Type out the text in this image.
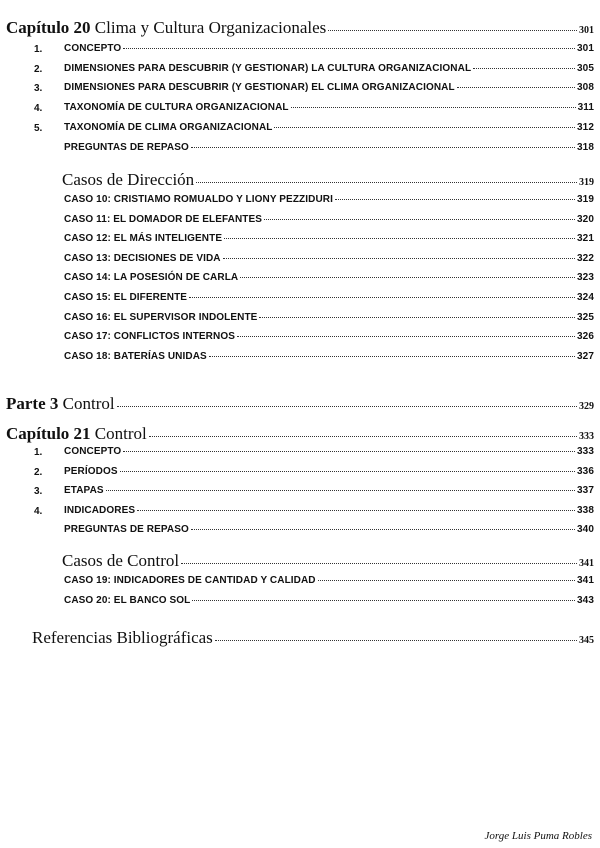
Capítulo 20 Clima y Cultura Organizacionales	301
1. CONCEPTO	301
2. DIMENSIONES PARA DESCUBRIR (Y GESTIONAR) LA CULTURA ORGANIZACIONAL	305
3. DIMENSIONES PARA DESCUBRIR (Y GESTIONAR) EL CLIMA ORGANIZACIONAL	308
4. TAXONOMÍA DE CULTURA ORGANIZACIONAL	311
5. TAXONOMÍA DE CLIMA ORGANIZACIONAL	312
PREGUNTAS DE REPASO	318
Casos de Dirección	319
CASO 10: CRISTIAMO ROMUALDO Y LIONY PEZZIDURI	319
CASO 11: EL DOMADOR DE ELEFANTES	320
CASO 12: EL MÁS INTELIGENTE	321
CASO 13: DECISIONES DE VIDA	322
CASO 14: LA POSESIÓN DE CARLA	323
CASO 15: EL DIFERENTE	324
CASO 16: EL SUPERVISOR INDOLENTE	325
CASO 17: CONFLICTOS INTERNOS	326
CASO 18: BATERÍAS UNIDAS	327
Parte 3 Control	329
Capítulo 21 Control	333
1. CONCEPTO	333
2. PERÍODOS	336
3. ETAPAS	337
4. INDICADORES	338
PREGUNTAS DE REPASO	340
Casos de Control	341
CASO 19: INDICADORES DE CANTIDAD Y CALIDAD	341
CASO 20: EL BANCO SOL	343
Referencias Bibliográficas	345
Jorge Luis Puma Robles
